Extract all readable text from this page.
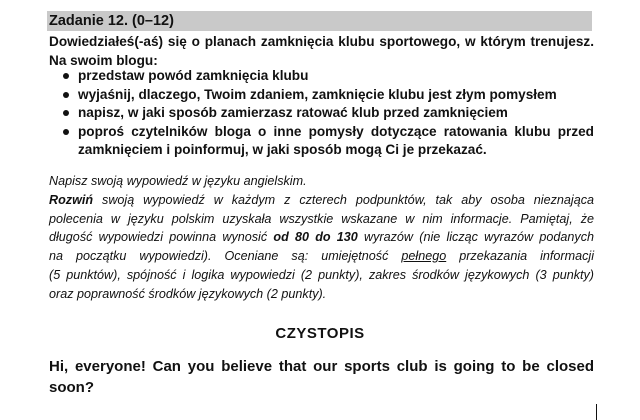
Zadanie 12. (0–12)
Dowiedziałeś(-aś) się o planach zamknięcia klubu sportowego, w którym trenujesz.
Na swoim blogu:
przedstaw powód zamknięcia klubu
wyjaśnij, dlaczego, Twoim zdaniem, zamknięcie klubu jest złym pomysłem
napisz, w jaki sposób zamierzasz ratować klub przed zamknięciem
poproś czytelników bloga o inne pomysły dotyczące ratowania klubu przed
zamknięciem i poinformuj, w jaki sposób mogą Ci je przekazać.
Napisz swoją wypowiedź w języku angielskim.
Rozwiń swoją wypowiedź w każdym z czterech podpunktów, tak aby osoba nieznająca
polecenia w języku polskim uzyskała wszystkie wskazane w nim informacje. Pamiętaj, że
długość wypowiedzi powinna wynosić od 80 do 130 wyrazów (nie licząc wyrazów podanych
na początku wypowiedzi). Oceniane są: umiejętność pełnego przekazania informacji
(5 punktów), spójność i logika wypowiedzi (2 punkty), zakres środków językowych (3 punkty)
oraz poprawność środków językowych (2 punkty).
CZYSTOPIS
Hi, everyone! Can you believe that our sports club is going to be closed
soon?
